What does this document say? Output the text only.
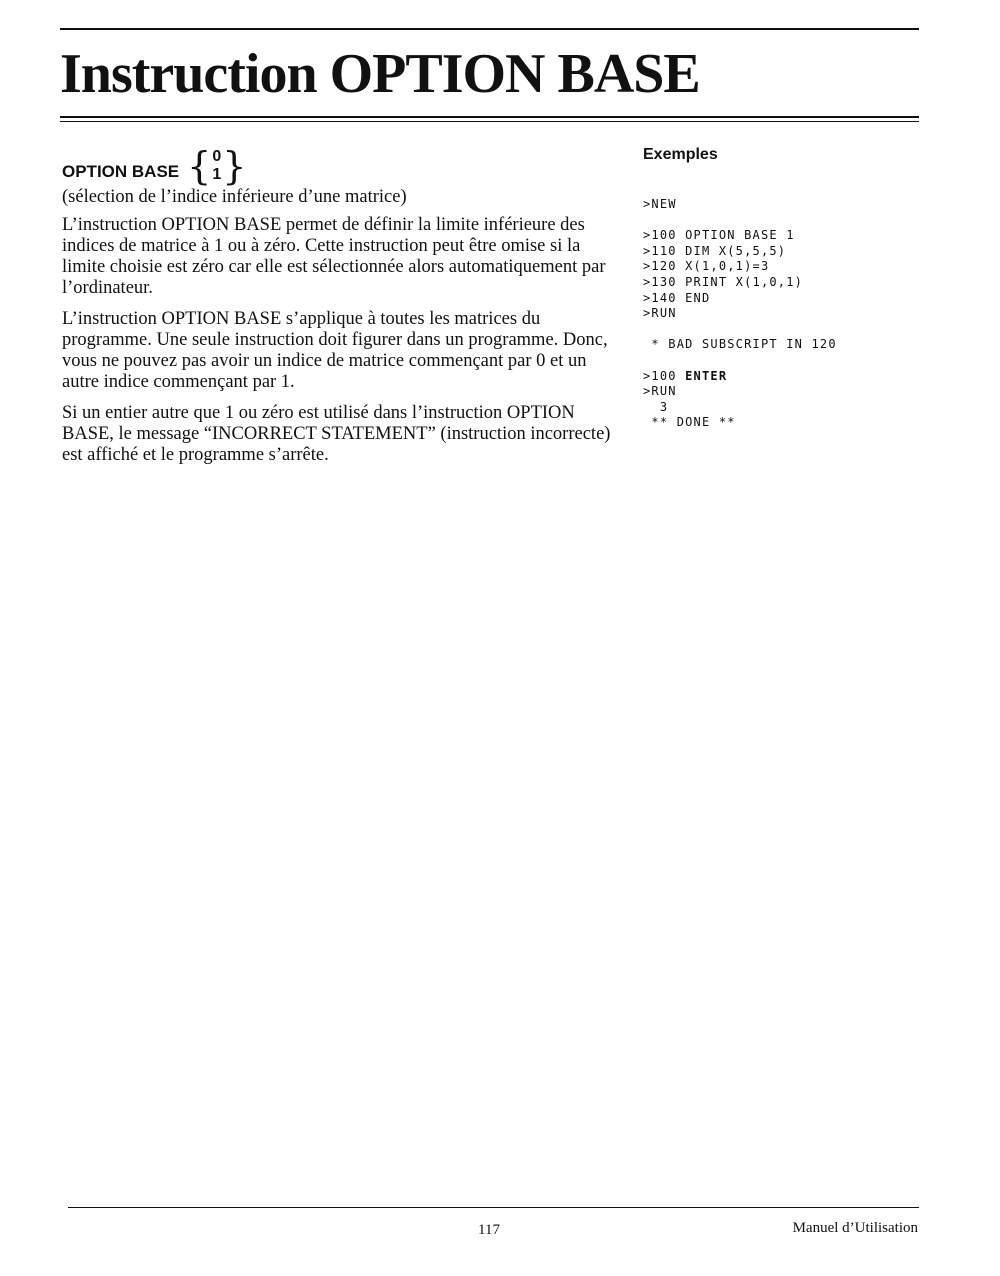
Instruction OPTION BASE
OPTION BASE { 0
1 }

(sélection de l’indice inférieure d’une matrice)

L’instruction OPTION BASE permet de définir la limite inférieure des indices de matrice à 1 ou à zéro. Cette instruction peut être omise si la limite choisie est zéro car elle est sélectionnée alors automatiquement par l’ordinateur.

L’instruction OPTION BASE s’applique à toutes les matrices du programme. Une seule instruction doit figurer dans un programme. Donc, vous ne pouvez pas avoir un indice de matrice commençant par 0 et un autre indice commençant par 1.

Si un entier autre que 1 ou zéro est utilisé dans l’instruction OPTION BASE, le message “INCORRECT STATEMENT” (instruction incorrecte) est affiché et le programme s’arrête.

Exemples
>NEW
>100 OPTION BASE 1
>110 DIM X(5,5,5)
>120 X(1,0,1)=3
>130 PRINT X(1,0,1)
>140 END
>RUN
* BAD SUBSCRIPT IN 120
>100 ENTER
>RUN
3
** DONE **
117	Manuel d’Utilisation
